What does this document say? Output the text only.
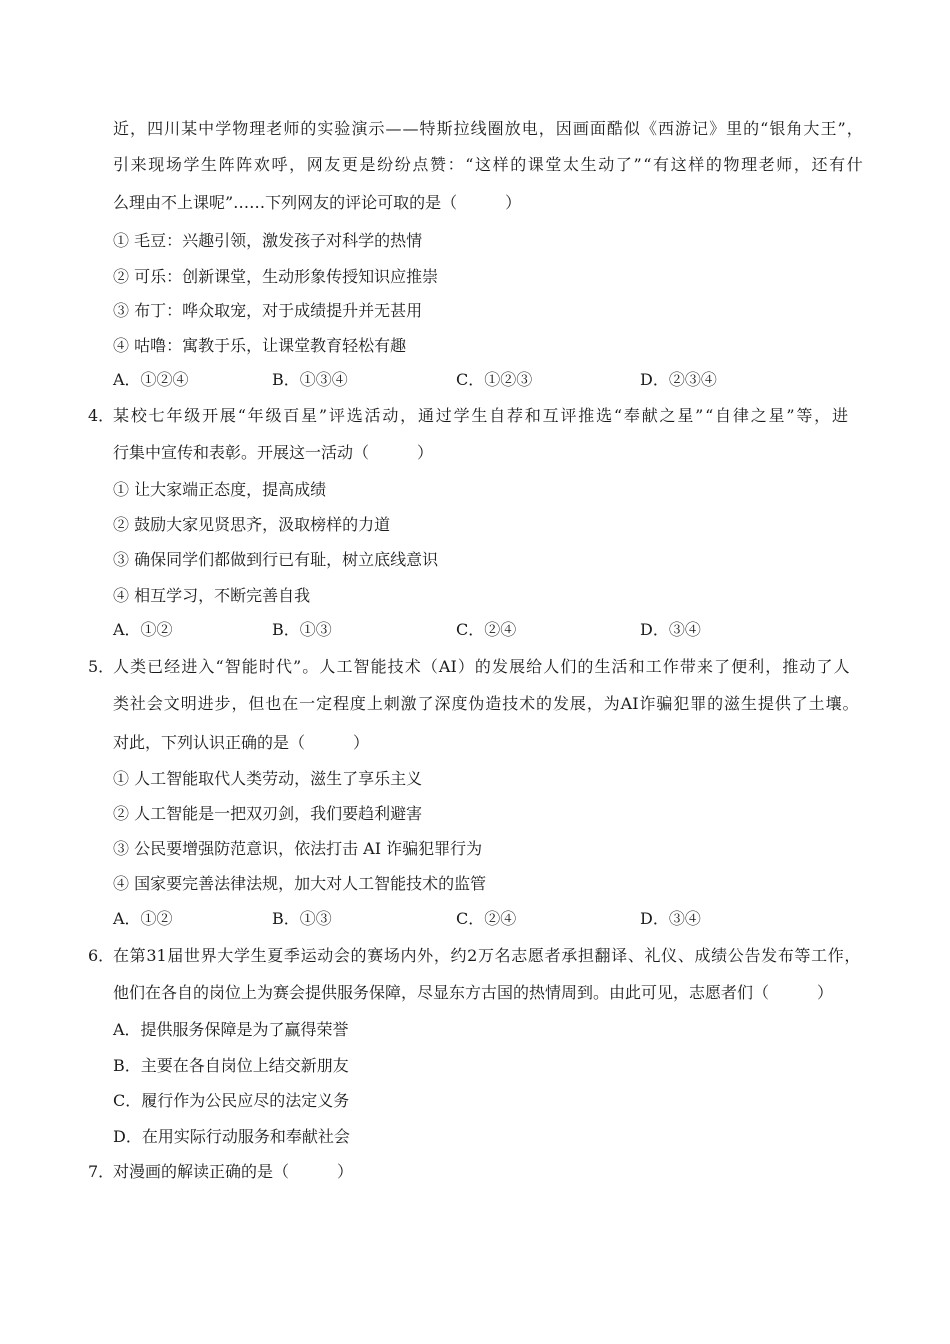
近 ， 四 川 某 中 学 物 理 老 师 的 实 验 演 示 — — 特 斯 拉 线 圈 放 电 ， 因 画 面 酷 似 《 西 游 记 》 里 的 “ 银 角 大 王 ” ，
引 来 现 场 学 生 阵 阵 欢 呼 ， 网 友 更 是 纷 纷 点 赞 ： “ 这 样 的 课 堂 太 生 动 了 ” “ 有 这 样 的 物 理 老 师 ， 还 有 什
么理由不上课呢”……下列网友的评论可取的是（　　　）
① 毛豆：兴趣引领，激发孩子对科学的热情
② 可乐：创新课堂，生动形象传授知识应推崇
③ 布丁：哗众取宠，对于成绩提升并无甚用
④ 咕噜：寓教于乐，让课堂教育轻松有趣
A．①②④	B．①③④	C．①②③	D．②③④
4．
某 校 七 年 级 开 展 “ 年 级 百 星 ” 评 选 活 动 ， 通 过 学 生 自 荐 和 互 评 推 选 “ 奉 献 之 星 ” “ 自 律 之 星 ” 等 ， 进
行集中宣传和表彰。开展这一活动（　　　）
① 让大家端正态度，提高成绩
② 鼓励大家见贤思齐，汲取榜样的力道
③ 确保同学们都做到行已有耻，树立底线意识
④ 相互学习，不断完善自我
A．①②	B．①③	C．②④	D．③④
5．
人 类 已 经 进 入 “ 智 能 时 代 ” 。 人 工 智 能 技 术 （ AI ） 的 发 展 给 人 们 的 生 活 和 工 作 带 来 了 便 利 ， 推 动 了 人
类 社 会 文 明 进 步 ， 但 也 在 一 定 程 度 上 刺 激 了 深 度 伪 造 技 术 的 发 展 ， 为 AI 诈 骗 犯 罪 的 滋 生 提 供 了 土 壤 。
对此，下列认识正确的是（　　　）
① 人工智能取代人类劳动，滋生了享乐主义
② 人工智能是一把双刃剑，我们要趋利避害
③ 公民要增强防范意识，依法打击 AI 诈骗犯罪行为
④ 国家要完善法律法规，加大对人工智能技术的监管
A．①②	B．①③	C．②④	D．③④
6．
在 第 31 届 世 界 大 学 生 夏 季 运 动 会 的 赛 场 内 外 ， 约 2 万 名 志 愿 者 承 担 翻 译 、 礼 仪 、 成 绩 公 告 发 布 等 工 作 ，
他们在各自的岗位上为赛会提供服务保障，尽显东方古国的热情周到。由此可见，志愿者们（　　　）
A．提供服务保障是为了赢得荣誉
B．主要在各自岗位上结交新朋友
C．履行作为公民应尽的法定义务
D．在用实际行动服务和奉献社会
7．
对漫画的解读正确的是（　　　）
